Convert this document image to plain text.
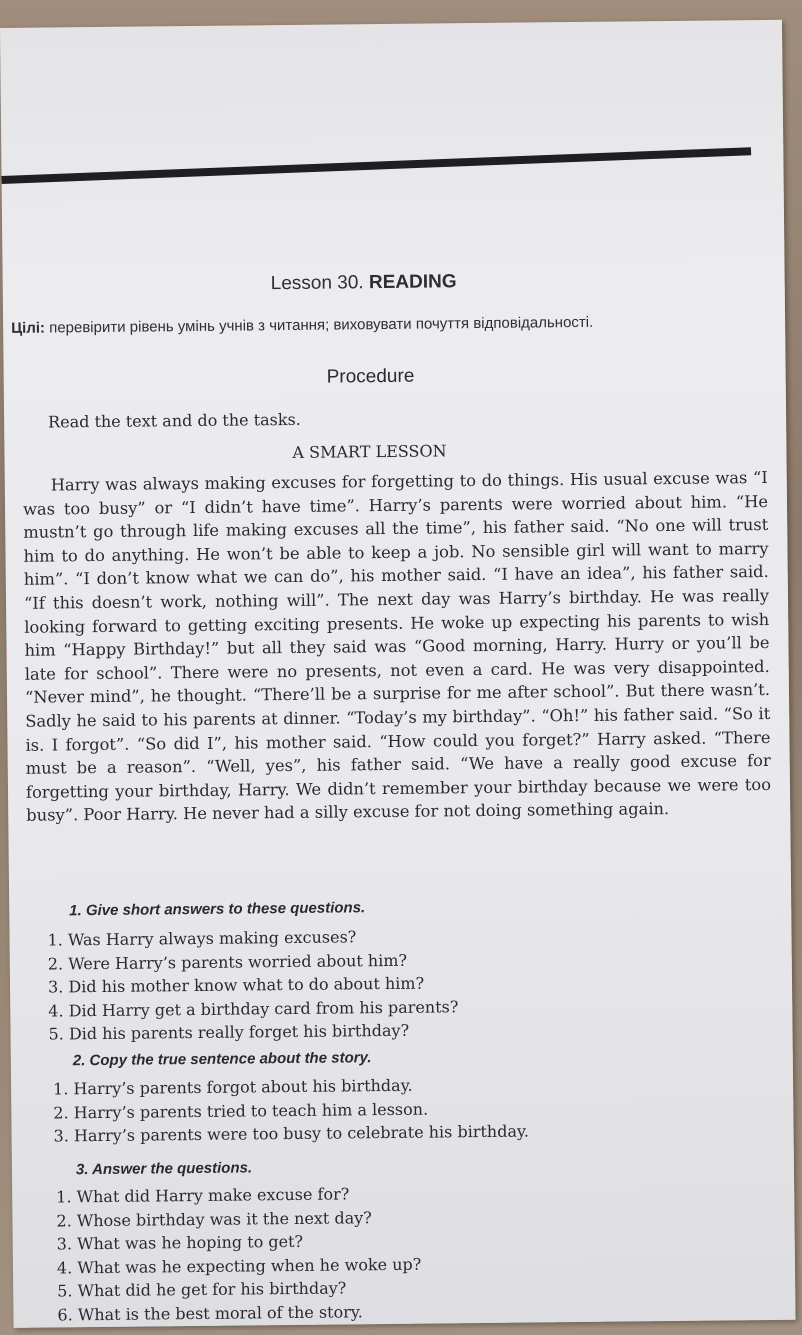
Lesson 30. READING
Цілі: перевірити рівень умінь учнів з читання; виховувати почуття відповідальності.
Procedure
Read the text and do the tasks.
A SMART LESSON

Harry was always making excuses for forgetting to do things. His usual excuse was “I was too busy” or “I didn’t have time”. Harry’s parents were worried about him. “He mustn’t go through life making excuses all the time”, his father said. “No one will trust him to do anything. He won’t be able to keep a job. No sensible girl will want to marry him”. “I don’t know what we can do”, his mother said. “I have an idea”, his father said. “If this doesn’t work, nothing will”. The next day was Harry’s birthday. He was really looking forward to getting exciting presents. He woke up expecting his parents to wish him “Happy Birthday!” but all they said was “Good morning, Harry. Hurry or you’ll be late for school”. There were no presents, not even a card. He was very disappointed. “Never mind”, he thought. “There’ll be a surprise for me after school”. But there wasn’t. Sadly he said to his parents at dinner. “Today’s my birthday”. “Oh!” his father said. “So it is. I forgot”. “So did I”, his mother said. “How could you forget?” Harry asked. “There must be a reason”. “Well, yes”, his father said. “We have a really good excuse for forgetting your birthday, Harry. We didn’t remember your birthday because we were too busy”. Poor Harry. He never had a silly excuse for not doing something again.

1. Give short answers to these questions.
1. Was Harry always making excuses?
2. Were Harry’s parents worried about him?
3. Did his mother know what to do about him?
4. Did Harry get a birthday card from his parents?
5. Did his parents really forget his birthday?
2. Copy the true sentence about the story.
1. Harry’s parents forgot about his birthday.
2. Harry’s parents tried to teach him a lesson.
3. Harry’s parents were too busy to celebrate his birthday.
3. Answer the questions.
1. What did Harry make excuse for?
2. Whose birthday was it the next day?
3. What was he hoping to get?
4. What was he expecting when he woke up?
5. What did he get for his birthday?
6. What is the best moral of the story.
